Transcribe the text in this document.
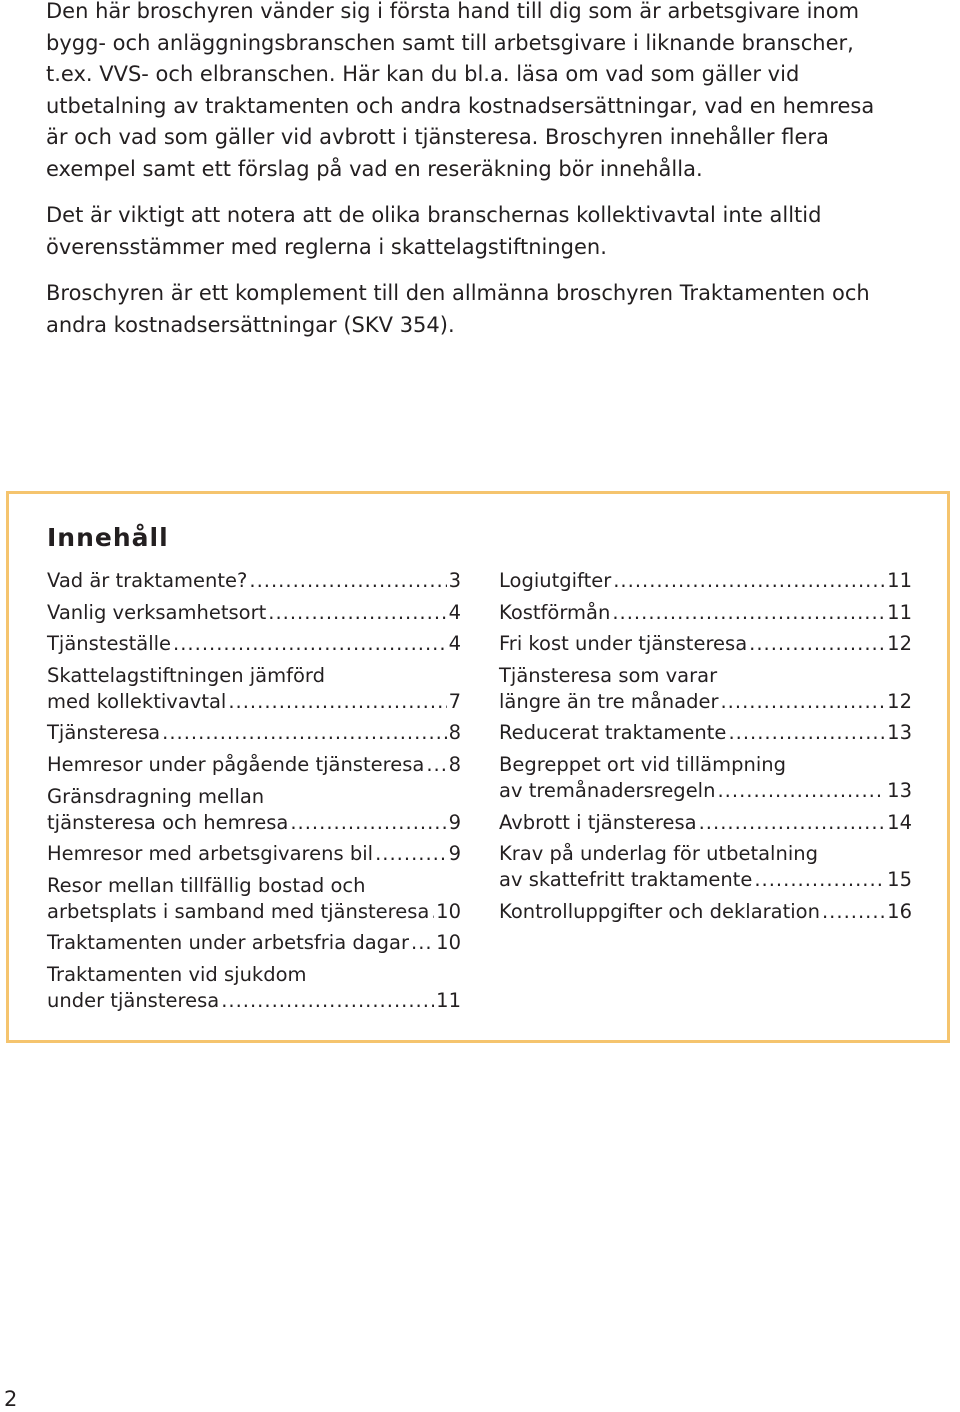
Den här broschyren vänder sig i första hand till dig som är arbetsgivare inom bygg- och anläggningsbranschen samt till arbetsgivare i liknande branscher, t.ex. VVS- och elbranschen. Här kan du bl.a. läsa om vad som gäller vid utbetalning av traktamenten och andra kostnadsersättningar, vad en hemresa är och vad som gäller vid avbrott i tjänsteresa. Broschyren innehåller flera exempel samt ett förslag på vad en reseräkning bör innehålla.

Det är viktigt att notera att de olika branschernas kollektivavtal inte alltid överensstämmer med reglerna i skattelagstiftningen.

Broschyren är ett komplement till den allmänna broschyren Traktamenten och andra kostnadsersättningar (SKV 354).

Innehåll
Vad är traktamente? .....	3
Vanlig verksamhetsort .....	4
Tjänsteställe .....	4
Skattelagstiftningen jämförd
med kollektivavtal .....	7
Tjänsteresa .....	8
Hemresor under pågående tjänsteresa ..... 8
Gränsdragning mellan
tjänsteresa och hemresa .....	9
Hemresor med arbetsgivarens bil .....	9
Resor mellan tillfällig bostad och
arbetsplats i samband med tjänsteresa ..... 10
Traktamenten under arbetsfria dagar ..... 10
Traktamenten vid sjukdom
under tjänsteresa .....	11
Logiutgifter .....	11
Kostförmån .....	11
Fri kost under tjänsteresa .....	12
Tjänsteresa som varar
längre än tre månader .....	12
Reducerat traktamente .....	13
Begreppet ort vid tillämpning
av tremånadersregeln .....	13
Avbrott i tjänsteresa .....	14
Krav på underlag för utbetalning
av skattefritt traktamente .....	15
Kontrolluppgifter och deklaration .....	16
2
